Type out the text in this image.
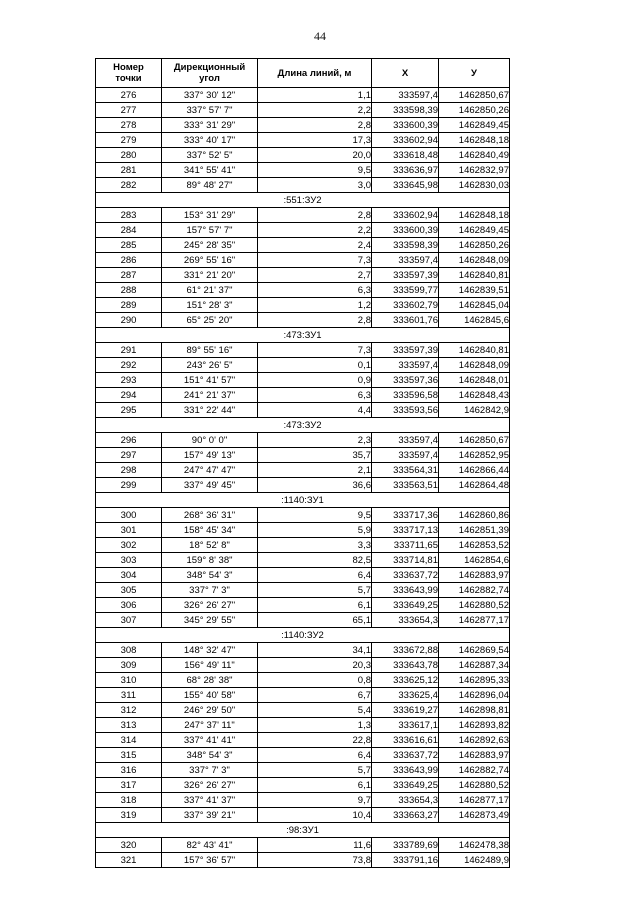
44
Номер
точки	Дирекционный
угол	Длина линий, м	X	У
276	337° 30' 12"	1,1	333597,4	1462850,67
277	337° 57' 7"	2,2	333598,39	1462850,26
278	333° 31' 29"	2,8	333600,39	1462849,45
279	333° 40' 17"	17,3	333602,94	1462848,18
280	337° 52' 5"	20,0	333618,48	1462840,49
281	341° 55' 41"	9,5	333636,97	1462832,97
282	89° 48' 27"	3,0	333645,98	1462830,03
:551:ЗУ2				
283	153° 31' 29"	2,8	333602,94	1462848,18
284	157° 57' 7"	2,2	333600,39	1462849,45
285	245° 28' 35"	2,4	333598,39	1462850,26
286	269° 55' 16"	7,3	333597,4	1462848,09
287	331° 21' 20"	2,7	333597,39	1462840,81
288	61° 21' 37"	6,3	333599,77	1462839,51
289	151° 28' 3"	1,2	333602,79	1462845,04
290	65° 25' 20"	2,8	333601,76	1462845,6
:473:ЗУ1				
291	89° 55' 16"	7,3	333597,39	1462840,81
292	243° 26' 5"	0,1	333597,4	1462848,09
293	151° 41' 57"	0,9	333597,36	1462848,01
294	241° 21' 37"	6,3	333596,58	1462848,43
295	331° 22' 44"	4,4	333593,56	1462842,9
:473:ЗУ2				
296	90° 0' 0"	2,3	333597,4	1462850,67
297	157° 49' 13"	35,7	333597,4	1462852,95
298	247° 47' 47"	2,1	333564,31	1462866,44
299	337° 49' 45"	36,6	333563,51	1462864,48
:1140:ЗУ1				
300	268° 36' 31"	9,5	333717,36	1462860,86
301	158° 45' 34"	5,9	333717,13	1462851,39
302	18° 52' 8"	3,3	333711,65	1462853,52
303	159° 8' 38"	82,5	333714,81	1462854,6
304	348° 54' 3"	6,4	333637,72	1462883,97
305	337° 7' 3"	5,7	333643,99	1462882,74
306	326° 26' 27"	6,1	333649,25	1462880,52
307	345° 29' 55"	65,1	333654,3	1462877,17
:1140:ЗУ2				
308	148° 32' 47"	34,1	333672,88	1462869,54
309	156° 49' 11"	20,3	333643,78	1462887,34
310	68° 28' 38"	0,8	333625,12	1462895,33
311	155° 40' 58"	6,7	333625,4	1462896,04
312	246° 29' 50"	5,4	333619,27	1462898,81
313	247° 37' 11"	1,3	333617,1	1462893,82
314	337° 41' 41"	22,8	333616,61	1462892,63
315	348° 54' 3"	6,4	333637,72	1462883,97
316	337° 7' 3"	5,7	333643,99	1462882,74
317	326° 26' 27"	6,1	333649,25	1462880,52
318	337° 41' 37"	9,7	333654,3	1462877,17
319	337° 39' 21"	10,4	333663,27	1462873,49
:98:ЗУ1				
320	82° 43' 41"	11,6	333789,69	1462478,38
321	157° 36' 57"	73,8	333791,16	1462489,9
